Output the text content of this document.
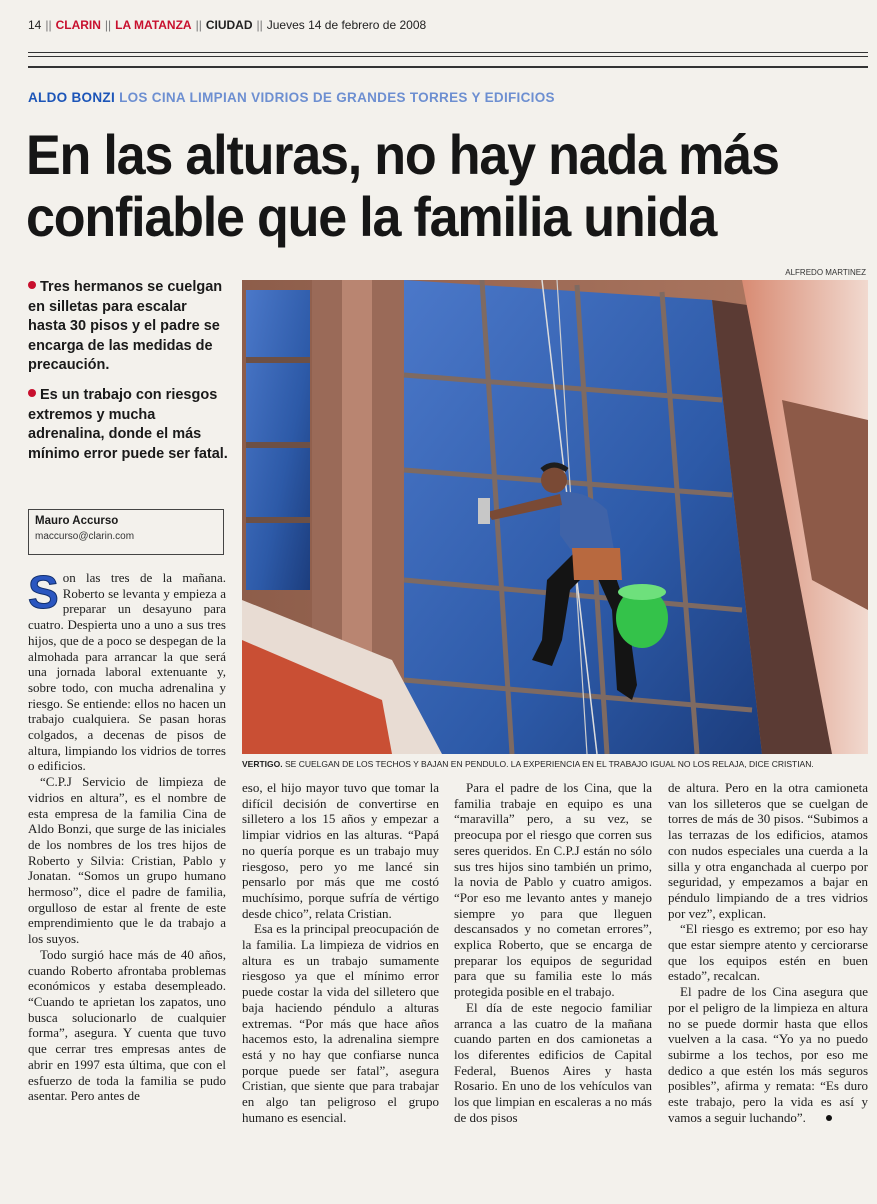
14 || CLARIN || LA MATANZA || CIUDAD || Jueves 14 de febrero de 2008
ALDO BONZI LOS CINA LIMPIAN VIDRIOS DE GRANDES TORRES Y EDIFICIOS
En las alturas, no hay nada más
confiable que la familia unida

Tres hermanos se cuelgan en silletas para escalar hasta 30 pisos y el padre se encarga de las medidas de precaución.

Es un trabajo con riesgos extremos y mucha adrenalina, donde el más mínimo error puede ser fatal.

Mauro Accurso
maccurso@clarin.com
ALFREDO MARTINEZ
VERTIGO. SE CUELGAN DE LOS TECHOS Y BAJAN EN PENDULO. LA EXPERIENCIA EN EL TRABAJO IGUAL NO LOS RELAJA, DICE CRISTIAN.

Son las tres de la mañana. Roberto se levanta y empieza a preparar un desayuno para cuatro. Despierta uno a uno a sus tres hijos, que de a poco se despegan de la almohada para arrancar la que será una jornada laboral extenuante y, sobre todo, con mucha adrenalina y riesgo. Se entiende: ellos no hacen un trabajo cualquiera. Se pasan horas colgados, a decenas de pisos de altura, limpiando los vidrios de torres o edificios.

“C.P.J Servicio de limpieza de vidrios en altura”, es el nombre de esta empresa de la familia Cina de Aldo Bonzi, que surge de las iniciales de los nombres de los tres hijos de Roberto y Silvia: Cristian, Pablo y Jonatan. “Somos un grupo humano hermoso”, dice el padre de familia, orgulloso de estar al frente de este emprendimiento que le da trabajo a los suyos.

Todo surgió hace más de 40 años, cuando Roberto afrontaba problemas económicos y estaba desempleado. “Cuando te aprietan los zapatos, uno busca solucionarlo de cualquier forma”, asegura. Y cuenta que tuvo que cerrar tres empresas antes de abrir en 1997 esta última, que con el esfuerzo de toda la familia se pudo asentar. Pero antes de

eso, el hijo mayor tuvo que tomar la difícil decisión de convertirse en silletero a los 15 años y empezar a limpiar vidrios en las alturas. “Papá no quería porque es un trabajo muy riesgoso, pero yo me lancé sin pensarlo por más que me costó muchísimo, porque sufría de vértigo desde chico”, relata Cristian.

Esa es la principal preocupación de la familia. La limpieza de vidrios en altura es un trabajo sumamente riesgoso ya que el mínimo error puede costar la vida del silletero que baja haciendo péndulo a alturas extremas. “Por más que hace años hacemos esto, la adrenalina siempre está y no hay que confiarse nunca porque puede ser fatal”, asegura Cristian, que siente que para trabajar en algo tan peligroso el grupo humano es esencial.

Para el padre de los Cina, que la familia trabaje en equipo es una “maravilla” pero, a su vez, se preocupa por el riesgo que corren sus seres queridos. En C.P.J están no sólo sus tres hijos sino también un primo, la novia de Pablo y cuatro amigos. “Por eso me levanto antes y manejo siempre yo para que lleguen descansados y no cometan errores”, explica Roberto, que se encarga de preparar los equipos de seguridad para que su familia este lo más protegida posible en el trabajo.

El día de este negocio familiar arranca a las cuatro de la mañana cuando parten en dos camionetas a los diferentes edificios de Capital Federal, Buenos Aires y hasta Rosario. En uno de los vehículos van los que limpian en escaleras a no más de dos pisos

de altura. Pero en la otra camioneta van los silleteros que se cuelgan de torres de más de 30 pisos. “Subimos a las terrazas de los edificios, atamos con nudos especiales una cuerda a la silla y otra enganchada al cuerpo por seguridad, y empezamos a bajar en péndulo limpiando de a tres vidrios por vez”, explican.

“El riesgo es extremo; por eso hay que estar siempre atento y cerciorarse que los equipos estén en buen estado”, recalcan.

El padre de los Cina asegura que por el peligro de la limpieza en altura no se puede dormir hasta que ellos vuelven a la casa. “Yo ya no puedo subirme a los techos, por eso me dedico a que estén los más seguros posibles”, afirma y remata: “Es duro este trabajo, pero la vida es así y vamos a seguir luchando”.
